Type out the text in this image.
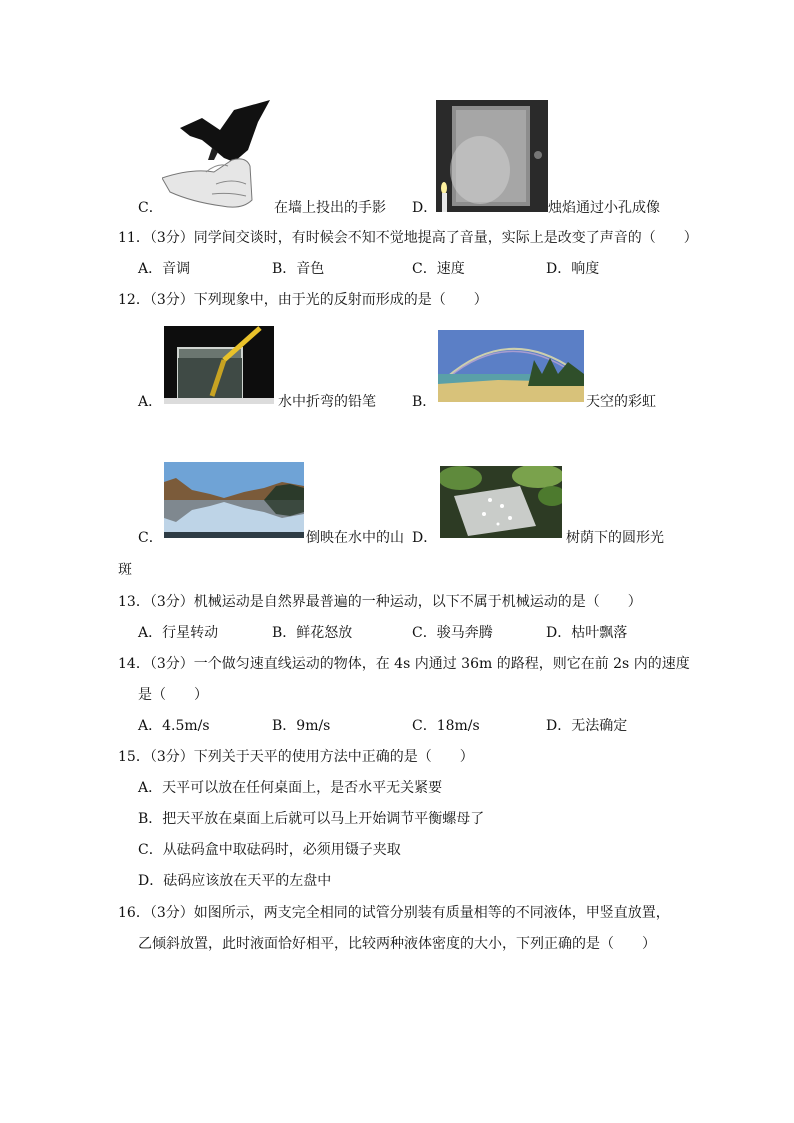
C．	在墙上投出的手影 D．	烛焰通过小孔成像
11．（3分）同学间交谈时，有时候会不知不觉地提高了音量，实际上是改变了声音的（　　）
A．音调	B．音色	C．速度	D．响度
12．（3分）下列现象中，由于光的反射而形成的是（　　）
A．	水中折弯的铅笔	B．	天空的彩虹
C．	倒映在水中的山 D．	树荫下的圆形光
斑
13．（3分）机械运动是自然界最普遍的一种运动，以下不属于机械运动的是（　　）
A．行星转动	B．鲜花怒放	C．骏马奔腾	D．枯叶飘落
14．（3分）一个做匀速直线运动的物体，在 4s 内通过 36m 的路程，则它在前 2s 内的速度
是（　　）
A．4.5m/s	B．9m/s	C．18m/s	D．无法确定
15．（3分）下列关于天平的使用方法中正确的是（　　）
A．天平可以放在任何桌面上，是否水平无关紧要
B．把天平放在桌面上后就可以马上开始调节平衡螺母了
C．从砝码盒中取砝码时，必须用镊子夹取
D．砝码应该放在天平的左盘中
16．（3分）如图所示，两支完全相同的试管分别装有质量相等的不同液体，甲竖直放置，
乙倾斜放置，此时液面恰好相平，比较两种液体密度的大小，下列正确的是（　　）
